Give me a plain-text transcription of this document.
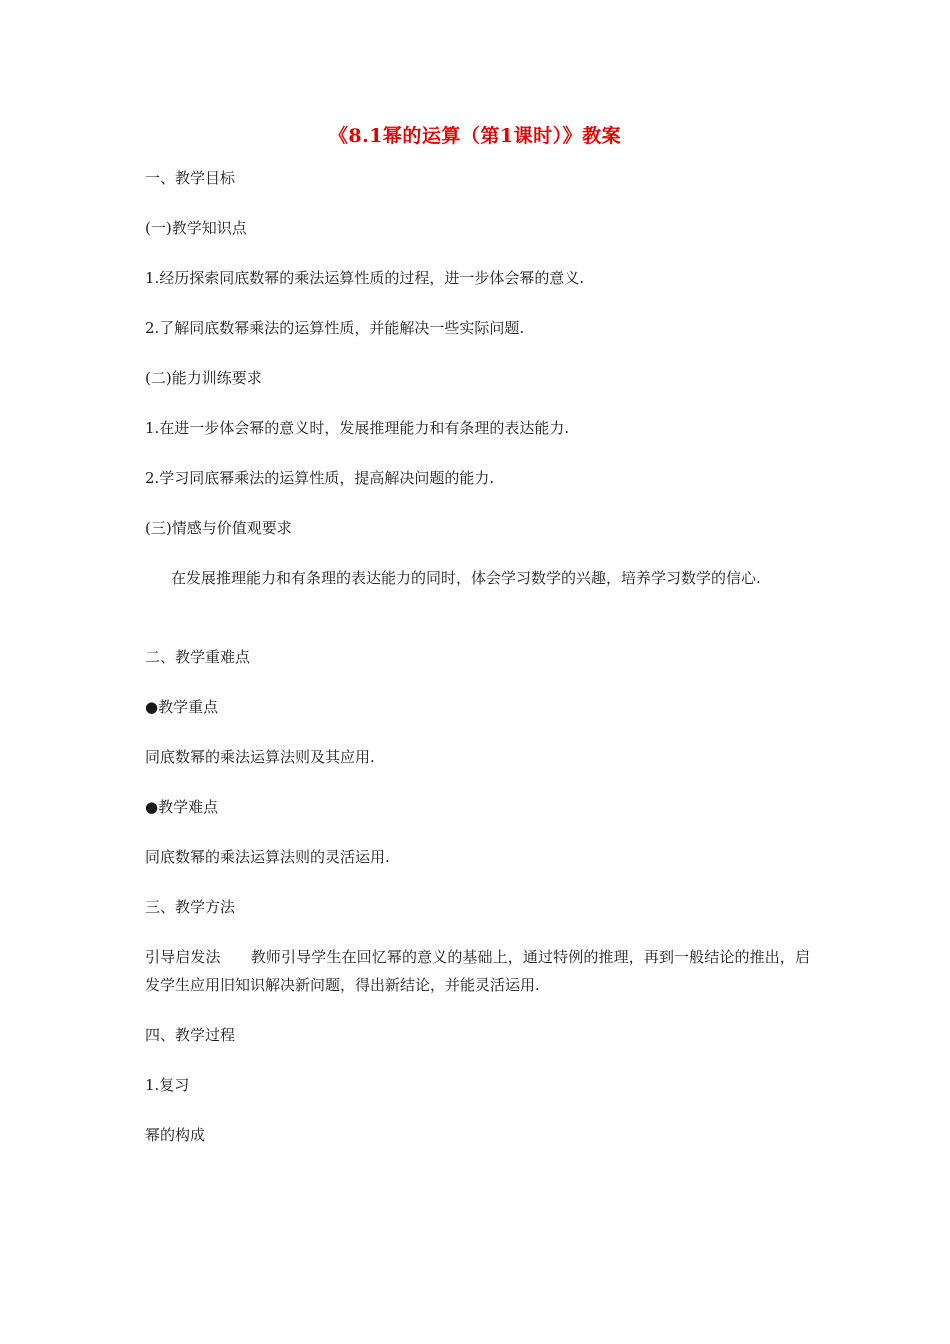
《8.1幂的运算（第1课时）》教案

一、教学目标

(一)教学知识点

1.经历探索同底数幂的乘法运算性质的过程，进一步体会幂的意义.

2.了解同底数幂乘法的运算性质，并能解决一些实际问题.

(二)能力训练要求

1.在进一步体会幂的意义时，发展推理能力和有条理的表达能力.

2.学习同底幂乘法的运算性质，提高解决问题的能力.

(三)情感与价值观要求

在发展推理能力和有条理的表达能力的同时，体会学习数学的兴趣，培养学习数学的信心.

二、教学重难点

●教学重点

同底数幂的乘法运算法则及其应用.

●教学难点

同底数幂的乘法运算法则的灵活运用.

三、教学方法

引导启发法　　教师引导学生在回忆幂的意义的基础上，通过特例的推理，再到一般结论的推出，启发学生应用旧知识解决新问题，得出新结论，并能灵活运用.

四、教学过程

1.复习

幂的构成
